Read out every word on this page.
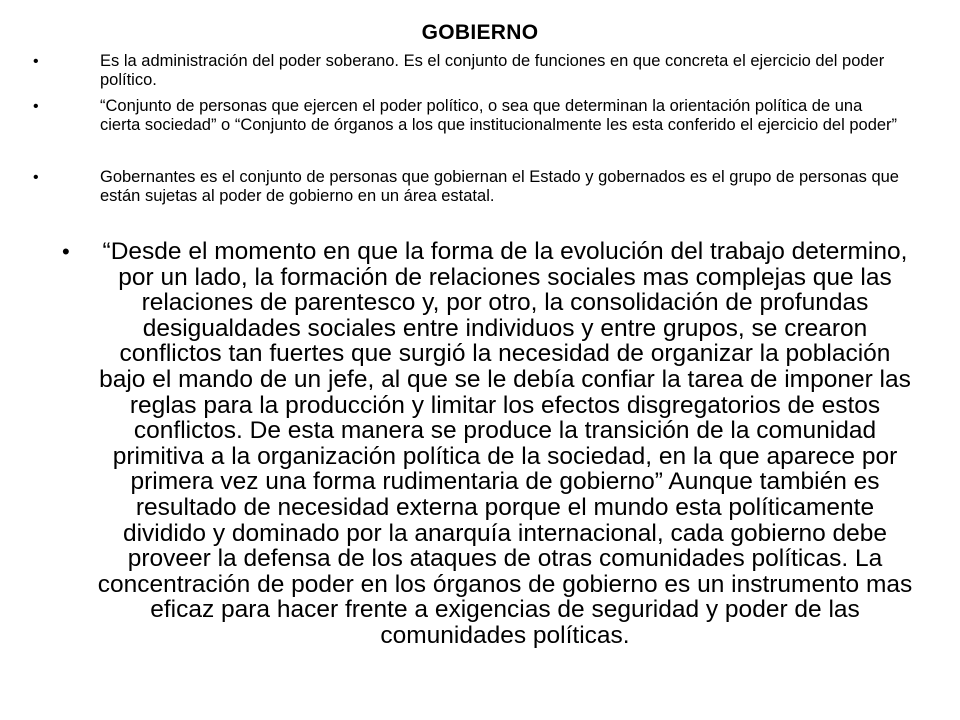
GOBIERNO
•	Es la administración del poder soberano. Es el conjunto de funciones en que concreta el ejercicio del poder político.
•	“Conjunto de personas que ejercen el poder político, o sea que determinan la orientación política de una cierta sociedad” o “Conjunto de órganos a los que institucionalmente les esta conferido el ejercicio del poder”
•	Gobernantes es el conjunto de personas que gobiernan el Estado y gobernados es el grupo de personas que están sujetas al poder de gobierno en un área estatal.
•	“Desde el momento en que la forma de la evolución del trabajo determino, por un lado, la formación de relaciones sociales mas complejas que las relaciones de parentesco y, por otro, la consolidación de profundas desigualdades sociales entre individuos y entre grupos, se crearon conflictos tan fuertes que surgió la necesidad de organizar la población bajo el mando de un jefe, al que se le debía confiar la tarea de imponer las reglas para la producción y limitar los efectos disgregatorios de estos conflictos. De esta manera se produce la transición de la comunidad primitiva a la organización política de la sociedad, en la que aparece por primera vez una forma rudimentaria de gobierno” Aunque también es resultado de necesidad externa porque el mundo esta políticamente dividido y dominado por la anarquía internacional, cada gobierno debe proveer la defensa de los ataques de otras comunidades políticas. La concentración de poder en los órganos de gobierno es un instrumento mas eficaz para hacer frente a exigencias de seguridad y poder de las comunidades políticas.
